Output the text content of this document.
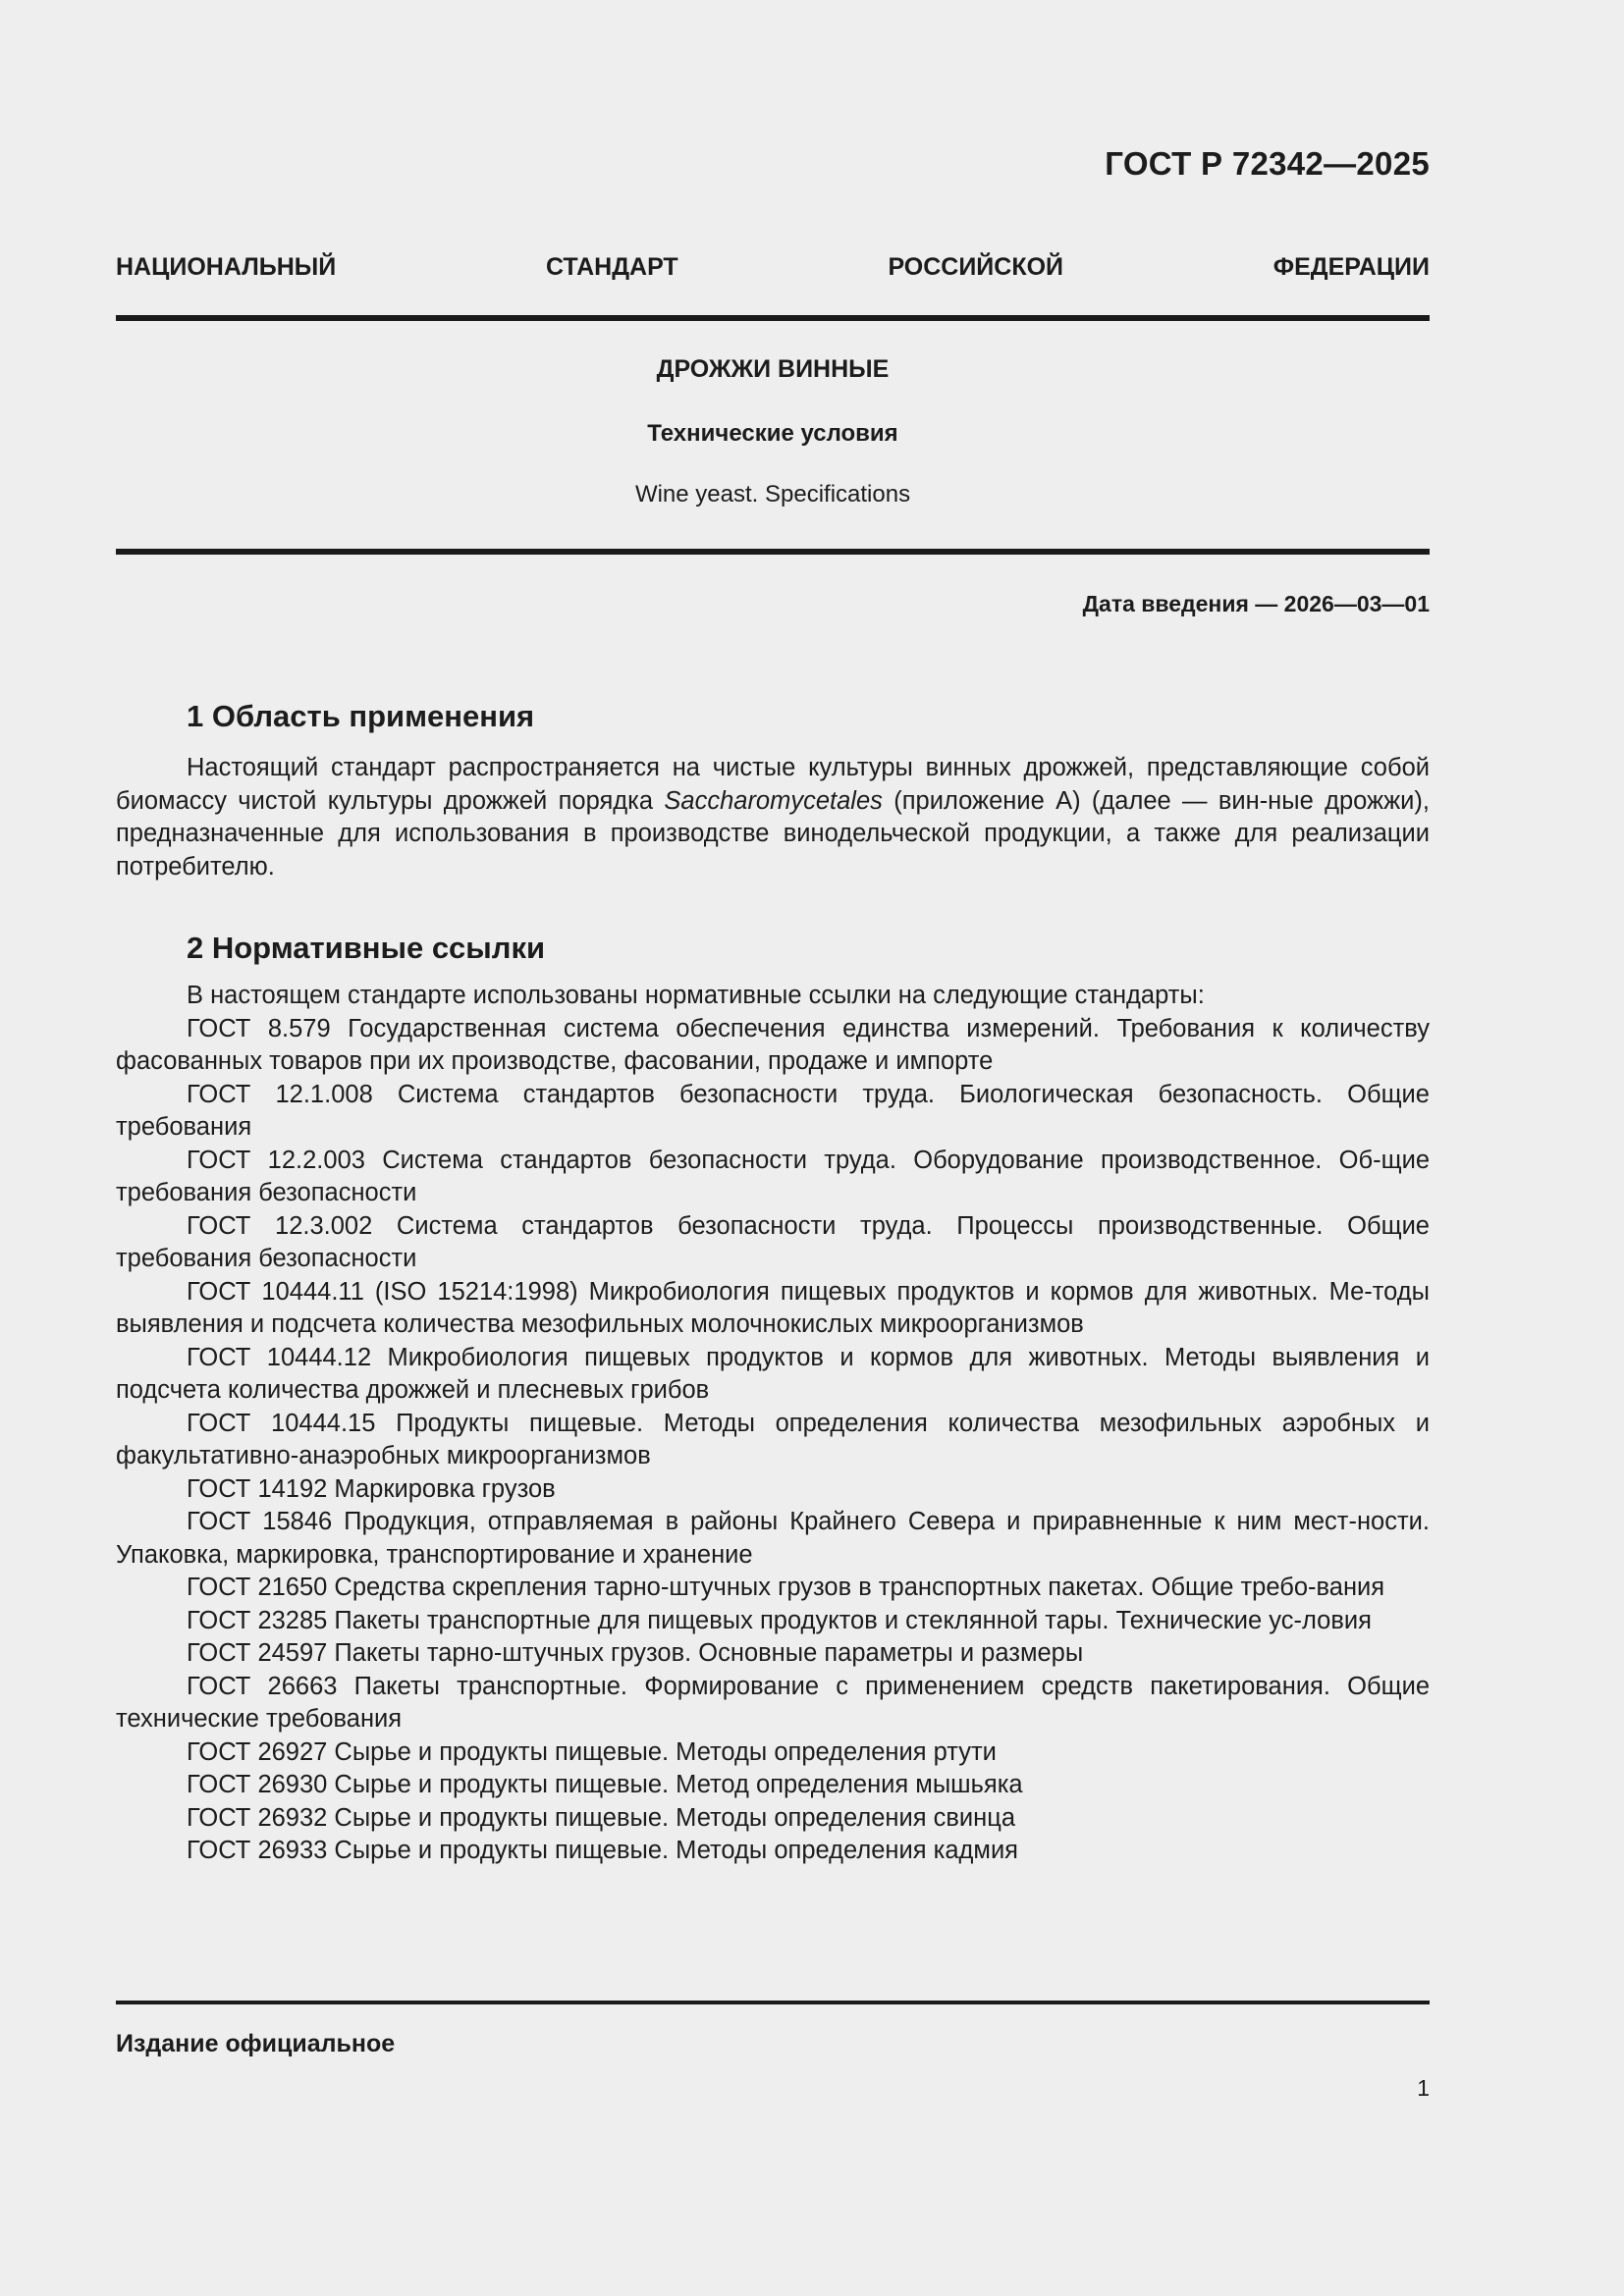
ГОСТ Р 72342—2025

НАЦИОНАЛЬНЫЙ СТАНДАРТ РОССИЙСКОЙ ФЕДЕРАЦИИ

ДРОЖЖИ ВИННЫЕ

Технические условия

Wine yeast. Specifications

Дата введения — 2026—03—01

1 Область применения

Настоящий стандарт распространяется на чистые культуры винных дрожжей, представляющие собой биомассу чистой культуры дрожжей порядка Saccharomycetales (приложение А) (далее — вин-ные дрожжи), предназначенные для использования в производстве винодельческой продукции, а также для реализации потребителю.

2 Нормативные ссылки

В настоящем стандарте использованы нормативные ссылки на следующие стандарты:

ГОСТ 8.579 Государственная система обеспечения единства измерений. Требования к количеству фасованных товаров при их производстве, фасовании, продаже и импорте

ГОСТ 12.1.008 Система стандартов безопасности труда. Биологическая безопасность. Общие требования

ГОСТ 12.2.003 Система стандартов безопасности труда. Оборудование производственное. Об-щие требования безопасности

ГОСТ 12.3.002 Система стандартов безопасности труда. Процессы производственные. Общие требования безопасности

ГОСТ 10444.11 (ISO 15214:1998) Микробиология пищевых продуктов и кормов для животных. Ме-тоды выявления и подсчета количества мезофильных молочнокислых микроорганизмов

ГОСТ 10444.12 Микробиология пищевых продуктов и кормов для животных. Методы выявления и подсчета количества дрожжей и плесневых грибов

ГОСТ 10444.15 Продукты пищевые. Методы определения количества мезофильных аэробных и факультативно-анаэробных микроорганизмов

ГОСТ 14192 Маркировка грузов

ГОСТ 15846 Продукция, отправляемая в районы Крайнего Севера и приравненные к ним мест-ности. Упаковка, маркировка, транспортирование и хранение

ГОСТ 21650 Средства скрепления тарно-штучных грузов в транспортных пакетах. Общие требо-вания

ГОСТ 23285 Пакеты транспортные для пищевых продуктов и стеклянной тары. Технические ус-ловия

ГОСТ 24597 Пакеты тарно-штучных грузов. Основные параметры и размеры

ГОСТ 26663 Пакеты транспортные. Формирование с применением средств пакетирования. Общие технические требования

ГОСТ 26927 Сырье и продукты пищевые. Методы определения ртути

ГОСТ 26930 Сырье и продукты пищевые. Метод определения мышьяка

ГОСТ 26932 Сырье и продукты пищевые. Методы определения свинца

ГОСТ 26933 Сырье и продукты пищевые. Методы определения кадмия

Издание официальное

1
